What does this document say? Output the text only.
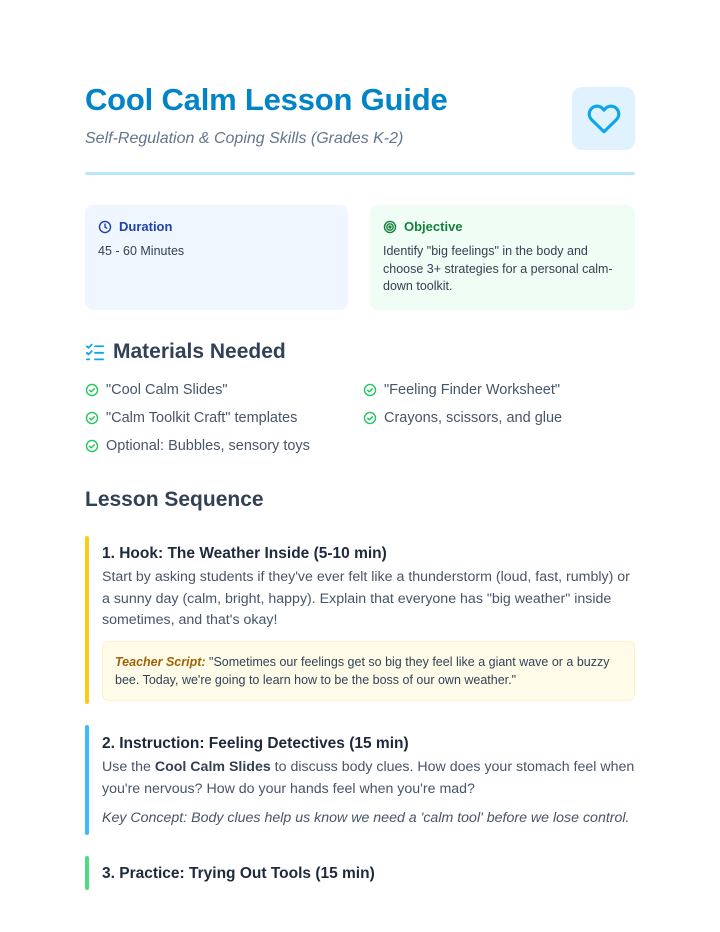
Cool Calm Lesson Guide

Self-Regulation & Coping Skills (Grades K-2)

Duration
45 - 60 Minutes
Objective
Identify "big feelings" in the body and choose 3+ strategies for a personal calm-down toolkit.
Materials Needed
"Cool Calm Slides"	"Feeling Finder Worksheet"
"Calm Toolkit Craft" templates	Crayons, scissors, and glue
Optional: Bubbles, sensory toys
Lesson Sequence
1. Hook: The Weather Inside (5-10 min)

Start by asking students if they've ever felt like a thunderstorm (loud, fast, rumbly) or a sunny day (calm, bright, happy). Explain that everyone has "big weather" inside sometimes, and that's okay!

Teacher Script: "Sometimes our feelings get so big they feel like a giant wave or a buzzy bee. Today, we're going to learn how to be the boss of our own weather."
2. Instruction: Feeling Detectives (15 min)

Use the Cool Calm Slides to discuss body clues. How does your stomach feel when you're nervous? How do your hands feel when you're mad?

Key Concept: Body clues help us know we need a 'calm tool' before we lose control.

3. Practice: Trying Out Tools (15 min)
